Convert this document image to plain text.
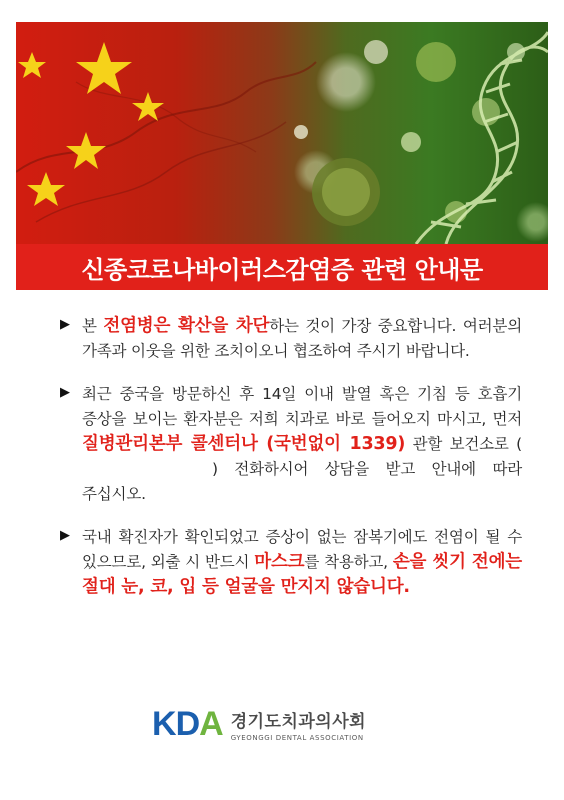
신종코로나바이러스감염증 관련 안내문
▶ 본 전염병은 확산을 차단하는 것이 가장 중요합니다. 여러분의 가족과 이웃을 위한 조치이오니 협조하여 주시기 바랍니다.
▶ 최근 중국을 방문하신 후 14일 이내 발열 혹은 기침 등 호흡기 증상을 보이는 환자분은 저희 치과로 바로 들어오지 마시고, 먼저 질병관리본부 콜센터나 (국번없이 1339) 관할 보건소로 () 전화하시어 상담을 받고 안내에 따라 주십시오.
▶ 국내 확진자가 확인되었고 증상이 없는 잠복기에도 전염이 될 수 있으므로, 외출 시 반드시 마스크를 착용하고, 손을 씻기 전에는 절대 눈, 코, 입 등 얼굴을 만지지 않습니다.
K D A 경기도치과의사회
GYEONGGI DENTAL ASSOCIATION
